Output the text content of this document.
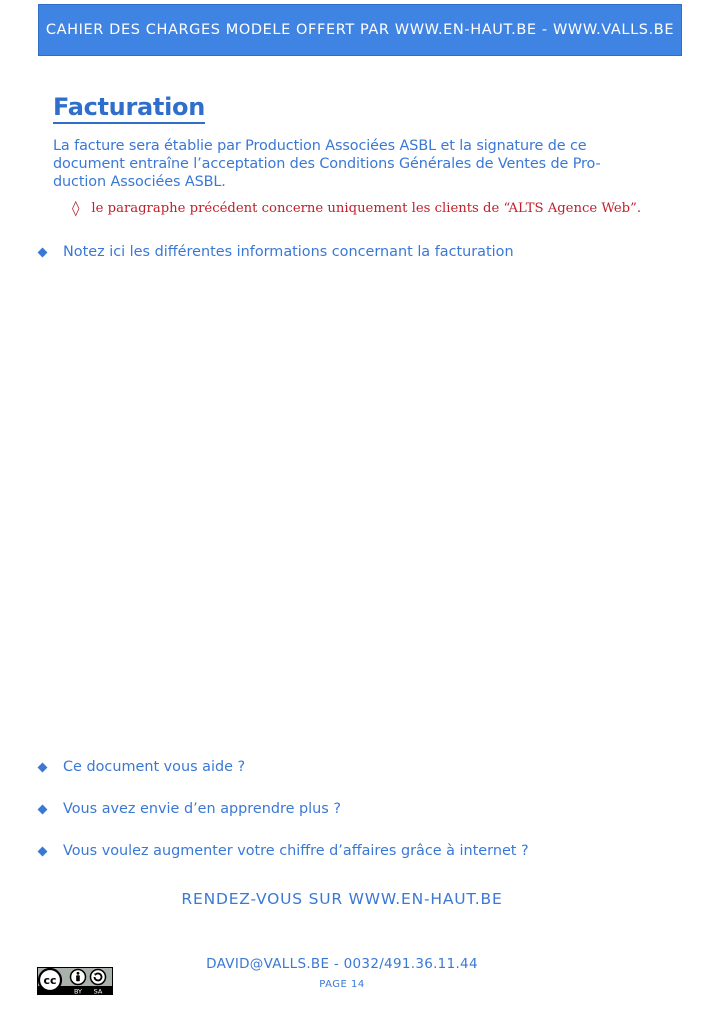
CAHIER DES CHARGES MODELE OFFERT PAR WWW.EN-HAUT.BE - WWW.VALLS.BE
Facturation

La facture sera établie par Production Associées ASBL et la signature de ce document entraîne l’acceptation des Conditions Générales de Ventes de Pro-duction Associées ASBL.

◊ le paragraphe précédent concerne uniquement les clients de “ALTS Agence Web”.
Notez ici les différentes informations concernant la facturation
Ce document vous aide ?
Vous avez envie d’en apprendre plus ?
Vous voulez augmenter votre chiffre d’affaires grâce à internet ?
RENDEZ-VOUS SUR WWW.EN-HAUT.BE
DAVID@VALLS.BE - 0032/491.36.11.44
PAGE 14
cc
BY SA
